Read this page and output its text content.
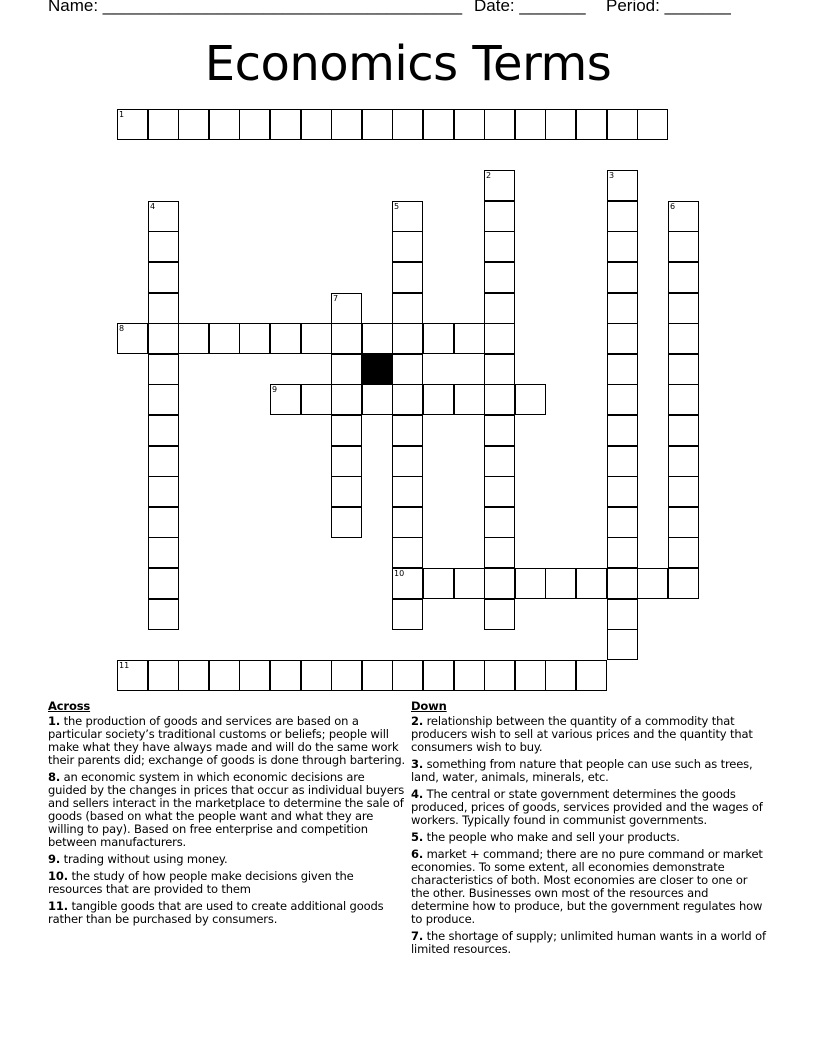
Name: ______________________________________

Date: _______

Period: _______

Economics Terms
1
2	3
4	5
10
6
7
8
9
11
Across
1. the production of goods and services are based on a particular society’s traditional customs or beliefs; people will make what they have always made and will do the same work their parents did; exchange of goods is done through bartering.
8. an economic system in which economic decisions are guided by the changes in prices that occur as individual buyers and sellers interact in the marketplace to determine the sale of goods (based on what the people want and what they are willing to pay). Based on free enterprise and competition between manufacturers.
9. trading without using money.
10. the study of how people make decisions given the resources that are provided to them
11. tangible goods that are used to create additional goods rather than be purchased by consumers.
Down
2. relationship between the quantity of a commodity that producers wish to sell at various prices and the quantity that consumers wish to buy.
3. something from nature that people can use such as trees, land, water, animals, minerals, etc.
4. The central or state government determines the goods produced, prices of goods, services provided and the wages of workers. Typically found in communist governments.
5. the people who make and sell your products.
6. market + command; there are no pure command or market economies. To some extent, all economies demonstrate characteristics of both. Most economies are closer to one or the other. Businesses own most of the resources and determine how to produce, but the government regulates how to produce.
7. the shortage of supply; unlimited human wants in a world of limited resources.
